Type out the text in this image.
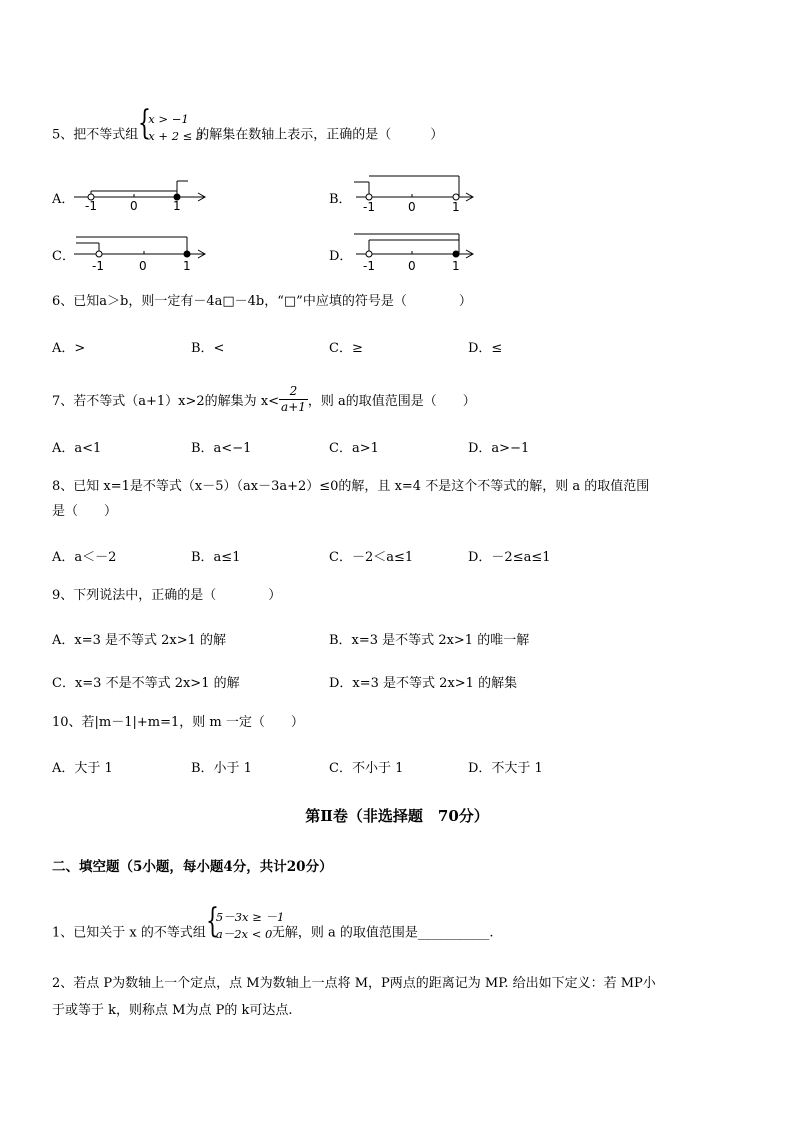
5、把不等式组 {
x > −1
x + 2 ≤ 3
的解集在数轴上表示，正确的是（　　　）
A． -1	0	1	B． -1	0	1
C．
-1	0	1
D．
-1	0	1
6、已知a＞b，则一定有－4a□－4b，“□”中应填的符号是（　　　　）
A．>	B．<	C．≥	D．≤
7、若不等式（a+1）x>2的解集为 $x< \frac{2}{a+1}$ ，则 a的取值范围是（　　）
A．a<1	B．a<−1	C．a>1	D．a>−1
8、已知 x=1是不等式（x－5）（ax－3a+2）≤0的解，且 x=4 不是这个不等式的解，则 a 的取值范围
是（　　）
A．a＜－2	B．a≤1	C．－2＜a≤1	D．－2≤a≤1
9、下列说法中，正确的是（　　　　）
A．x=3 是不等式 2x>1 的解	B．x=3 是不等式 2x>1 的唯一解
C．x=3 不是不等式 2x>1 的解	D．x=3 是不等式 2x>1 的解集
10、若|m－1|+m=1，则 m 一定（　　）
A．大于 1	B．小于 1	C．不小于 1	D．不大于 1
第Ⅱ卷（非选择题　70分）
二、填空题（5小题，每小题4分，共计20分）
1、已知关于 x 的不等式组 {
5－3x ≥ －1
a－2x < 0 无解，则 a 的取值范围是___________.
2、若点 P为数轴上一个定点，点 M为数轴上一点将 M，P两点的距离记为 MP. 给出如下定义：若 MP小
于或等于 k，则称点 M为点 P的 k可达点.
